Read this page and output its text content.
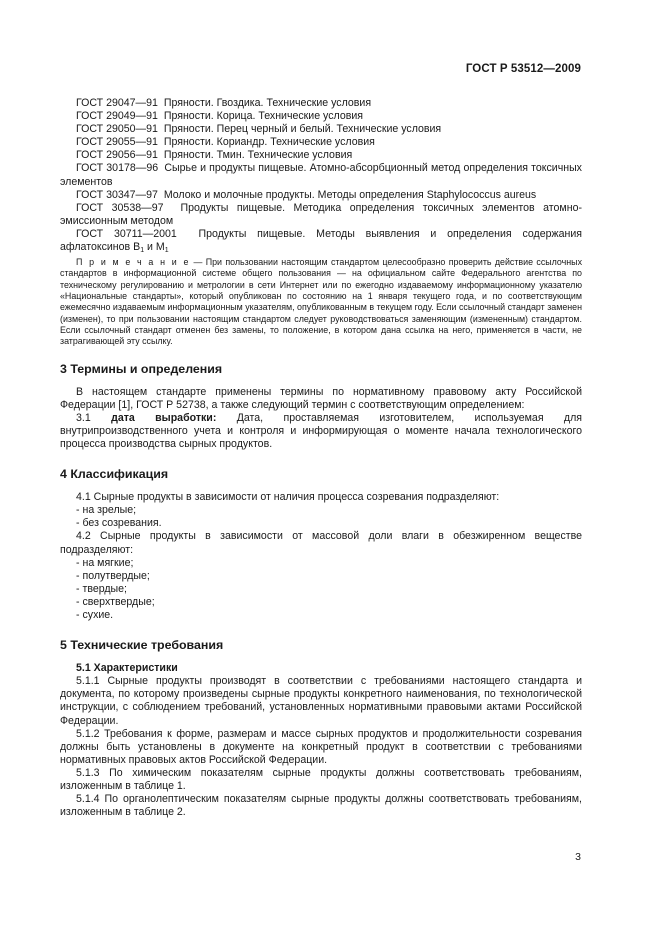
ГОСТ Р 53512—2009

ГОСТ 29047—91 Пряности. Гвоздика. Технические условия

ГОСТ 29049—91 Пряности. Корица. Технические условия

ГОСТ 29050—91 Пряности. Перец черный и белый. Технические условия

ГОСТ 29055—91 Пряности. Кориандр. Технические условия

ГОСТ 29056—91 Пряности. Тмин. Технические условия

ГОСТ 30178—96 Сырье и продукты пищевые. Атомно-абсорбционный метод определения токсичных элементов

ГОСТ 30347—97 Молоко и молочные продукты. Методы определения Staphylococcus aureus

ГОСТ 30538—97 Продукты пищевые. Методика определения токсичных элементов атомно-эмиссионным методом

ГОСТ 30711—2001 Продукты пищевые. Методы выявления и определения содержания афлатоксинов $В_1$ и $М_1$

П р и м е ч а н и е — При пользовании настоящим стандартом целесообразно проверить действие ссылочных стандартов в информационной системе общего пользования — на официальном сайте Федерального агентства по техническому регулированию и метрологии в сети Интернет или по ежегодно издаваемому информационному указателю «Национальные стандарты», который опубликован по состоянию на 1 января текущего года, и по соответствующим ежемесячно издаваемым информационным указателям, опубликованным в текущем году. Если ссылочный стандарт заменен (изменен), то при пользовании настоящим стандартом следует руководствоваться заменяющим (измененным) стандартом. Если ссылочный стандарт отменен без замены, то положение, в котором дана ссылка на него, применяется в части, не затрагивающей эту ссылку.

3 Термины и определения

В настоящем стандарте применены термины по нормативному правовому акту Российской Федерации [1], ГОСТ Р 52738, а также следующий термин с соответствующим определением:

3.1 дата выработки: Дата, проставляемая изготовителем, используемая для внутрипроизводственного учета и контроля и информирующая о моменте начала технологического процесса производства сырных продуктов.

4 Классификация

4.1 Сырные продукты в зависимости от наличия процесса созревания подразделяют:

- на зрелые;

- без созревания.

4.2 Сырные продукты в зависимости от массовой доли влаги в обезжиренном веществе подразделяют:

- на мягкие;

- полутвердые;

- твердые;

- сверхтвердые;

- сухие.

5 Технические требования
5.1 Характеристики

5.1.1 Сырные продукты производят в соответствии с требованиями настоящего стандарта и документа, по которому произведены сырные продукты конкретного наименования, по технологической инструкции, с соблюдением требований, установленных нормативными правовыми актами Российской Федерации.

5.1.2 Требования к форме, размерам и массе сырных продуктов и продолжительности созревания должны быть установлены в документе на конкретный продукт в соответствии с требованиями нормативных правовых актов Российской Федерации.

5.1.3 По химическим показателям сырные продукты должны соответствовать требованиям, изложенным в таблице 1.

5.1.4 По органолептическим показателям сырные продукты должны соответствовать требованиям, изложенным в таблице 2.

3
